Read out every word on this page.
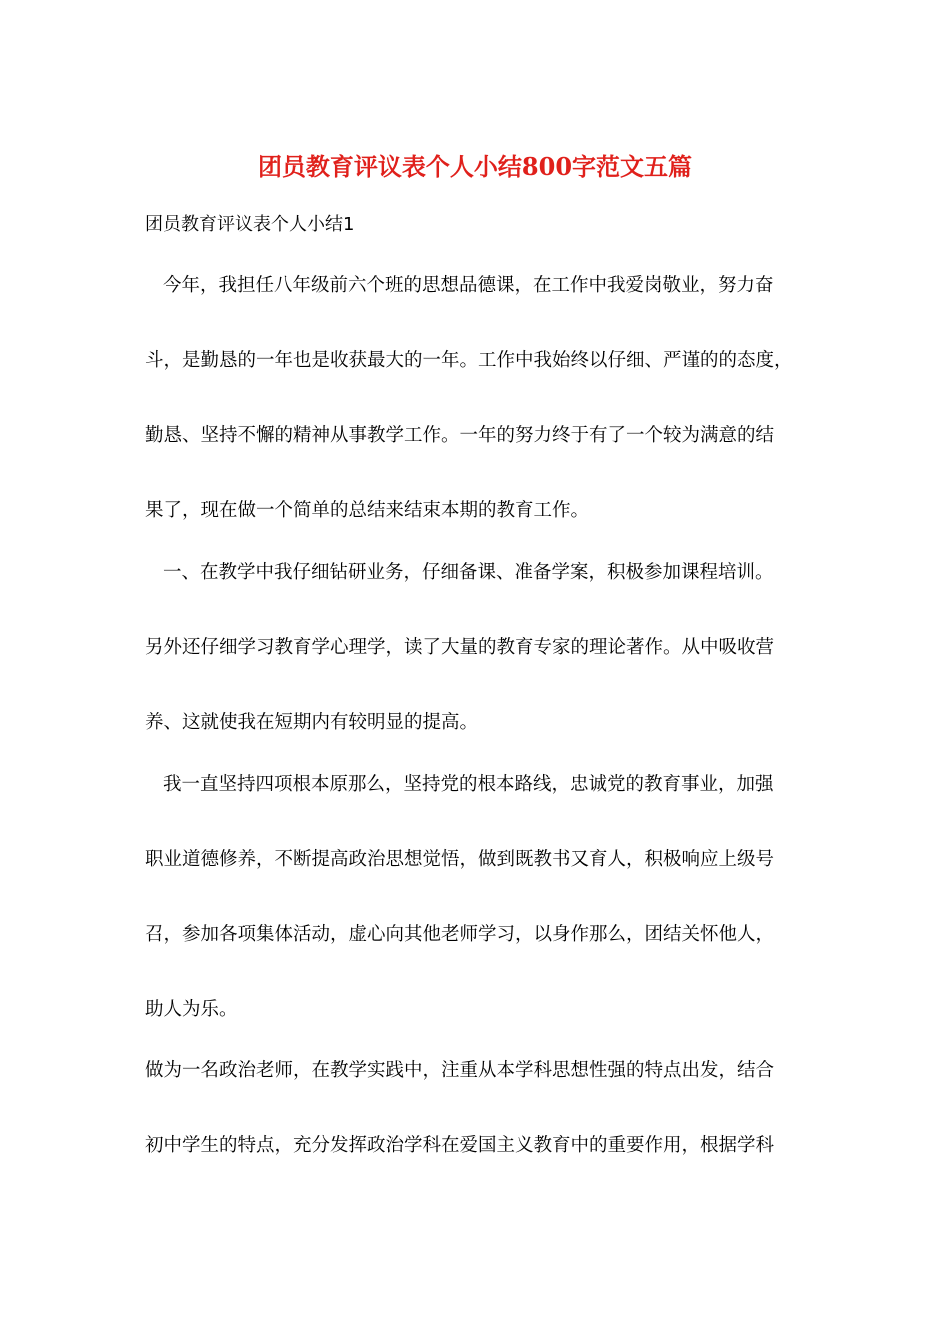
团员教育评议表个人小结800字范文五篇
团员教育评议表个人小结1
今年，我担任八年级前六个班的思想品德课，在工作中我爱岗敬业，努力奋
斗，是勤恳的一年也是收获最大的一年。工作中我始终以仔细、严谨的的态度，
勤恳、坚持不懈的精神从事教学工作。一年的努力终于有了一个较为满意的结
果了，现在做一个简单的总结来结束本期的教育工作。
一、在教学中我仔细钻研业务，仔细备课、准备学案，积极参加课程培训。
另外还仔细学习教育学心理学，读了大量的教育专家的理论著作。从中吸收营
养、这就使我在短期内有较明显的提高。
我一直坚持四项根本原那么，坚持党的根本路线，忠诚党的教育事业，加强
职业道德修养，不断提高政治思想觉悟，做到既教书又育人，积极响应上级号
召，参加各项集体活动，虚心向其他老师学习，以身作那么，团结关怀他人，
助人为乐。
做为一名政治老师，在教学实践中，注重从本学科思想性强的特点出发，结合
初中学生的特点，充分发挥政治学科在爱国主义教育中的重要作用，根据学科
